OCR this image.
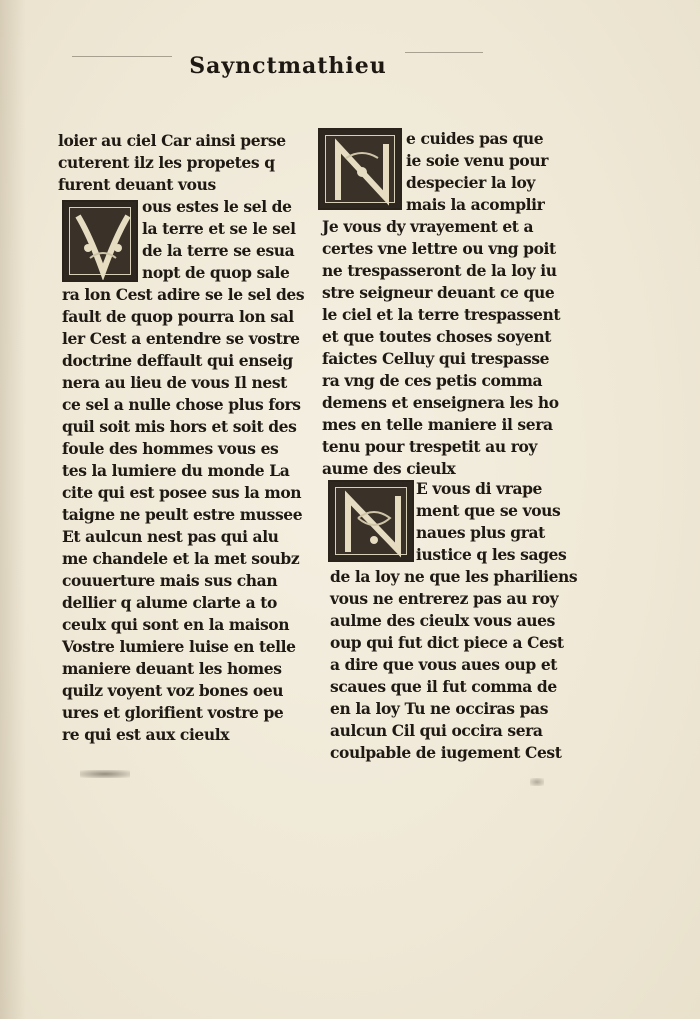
Saynctmathieu
loier au ciel Car ainsi perse
cuterent ilz les propetes q
furent deuant vous
ous estes le sel de
la terre et se le sel
de la terre se esua
nopt de quop sale
ra lon Cest adire se le sel des
fault de quop pourra lon sal
ler Cest a entendre se vostre
doctrine deffault qui enseig
nera au lieu de vous Il nest
ce sel a nulle chose plus fors
quil soit mis hors et soit des
foule des hommes vous es
tes la lumiere du monde La
cite qui est posee sus la mon
taigne ne peult estre mussee
Et aulcun nest pas qui alu
me chandele et la met soubz
couuerture mais sus chan
dellier q alume clarte a to
ceulx qui sont en la maison
Vostre lumiere luise en telle
maniere deuant les homes
quilz voyent voz bones oeu
ures et glorifient vostre pe
re qui est aux cieulx
e cuides pas que
ie soie venu pour
despecier la loy
mais la acomplir
Je vous dy vrayement et a
certes vne lettre ou vng poit
ne trespasseront de la loy iu
stre seigneur deuant ce que
le ciel et la terre trespassent
et que toutes choses soyent
faictes Celluy qui trespasse
ra vng de ces petis comma
demens et enseignera les ho
mes en telle maniere il sera
tenu pour trespetit au roy
aume des cieulx
E vous di vrape
ment que se vous
naues plus grat
iustice q les sages
de la loy ne que les phariliens
vous ne entrerez pas au roy
aulme des cieulx vous aues
oup qui fut dict piece a Cest
a dire que vous aues oup et
scaues que il fut comma de
en la loy Tu ne occiras pas
aulcun Cil qui occira sera
coulpable de iugement Cest
